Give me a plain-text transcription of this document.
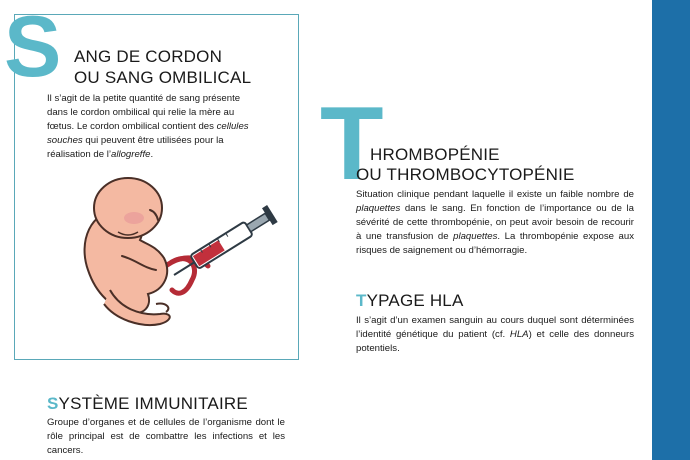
S ANG DE CORDON
OU SANG OMBILICAL
Il s’agit de la petite quantité de sang présente
dans le cordon ombilical qui relie la mère au
fœtus. Le cordon ombilical contient des cellules
souches qui peuvent être utilisées pour la
réalisation de l’allogreffe.	T
HROMBOPÉNIE
OU THROMBOCYTOPÉNIE
Situation clinique pendant laquelle il existe un faible nombre de plaquettes dans le sang. En fonction de l’importance ou de la sévérité de cette thrombopénie, on peut avoir besoin de recourir à une transfusion de plaquettes. La thrombopénie expose aux risques de saignement ou d’hémorragie.
TYPAGE HLA
Il s’agit d’un examen sanguin au cours duquel sont déterminées l’identité génétique du patient (cf. HLA) et celle des donneurs potentiels.
SYSTÈME IMMUNITAIRE
Groupe d’organes et de cellules de l’organisme dont le rôle principal est de combattre les infections et les cancers.
